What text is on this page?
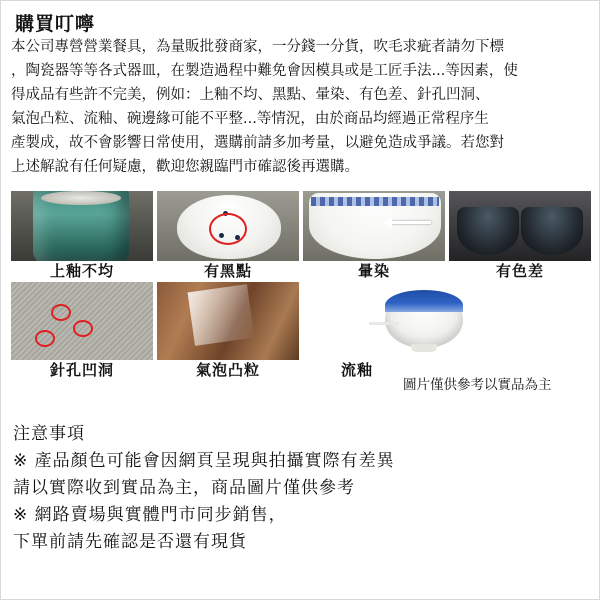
購買叮嚀
本公司專營營業餐具，為量販批發商家，一分錢一分貨，吹毛求疵者請勿下標
，陶瓷器等等各式器皿，在製造過程中難免會因模具或是工匠手法...等因素，使
得成品有些許不完美，例如：上釉不均、黑點、暈染、有色差、針孔凹洞、
氣泡凸粒、流釉、碗邊緣可能不平整...等情況，由於商品均經過正常程序生
產製成，故不會影響日常使用，選購前請多加考量，以避免造成爭議。若您對
上述解說有任何疑慮，歡迎您親臨門市確認後再選購。
上釉不均	有黑點	暈染	有色差
針孔凹洞	氣泡凸粒	流釉
圖片僅供參考以實品為主
注意事項
※ 產品顏色可能會因網頁呈現與拍攝實際有差異
請以實際收到實品為主，商品圖片僅供參考
※ 網路賣場與實體門市同步銷售，
下單前請先確認是否還有現貨
